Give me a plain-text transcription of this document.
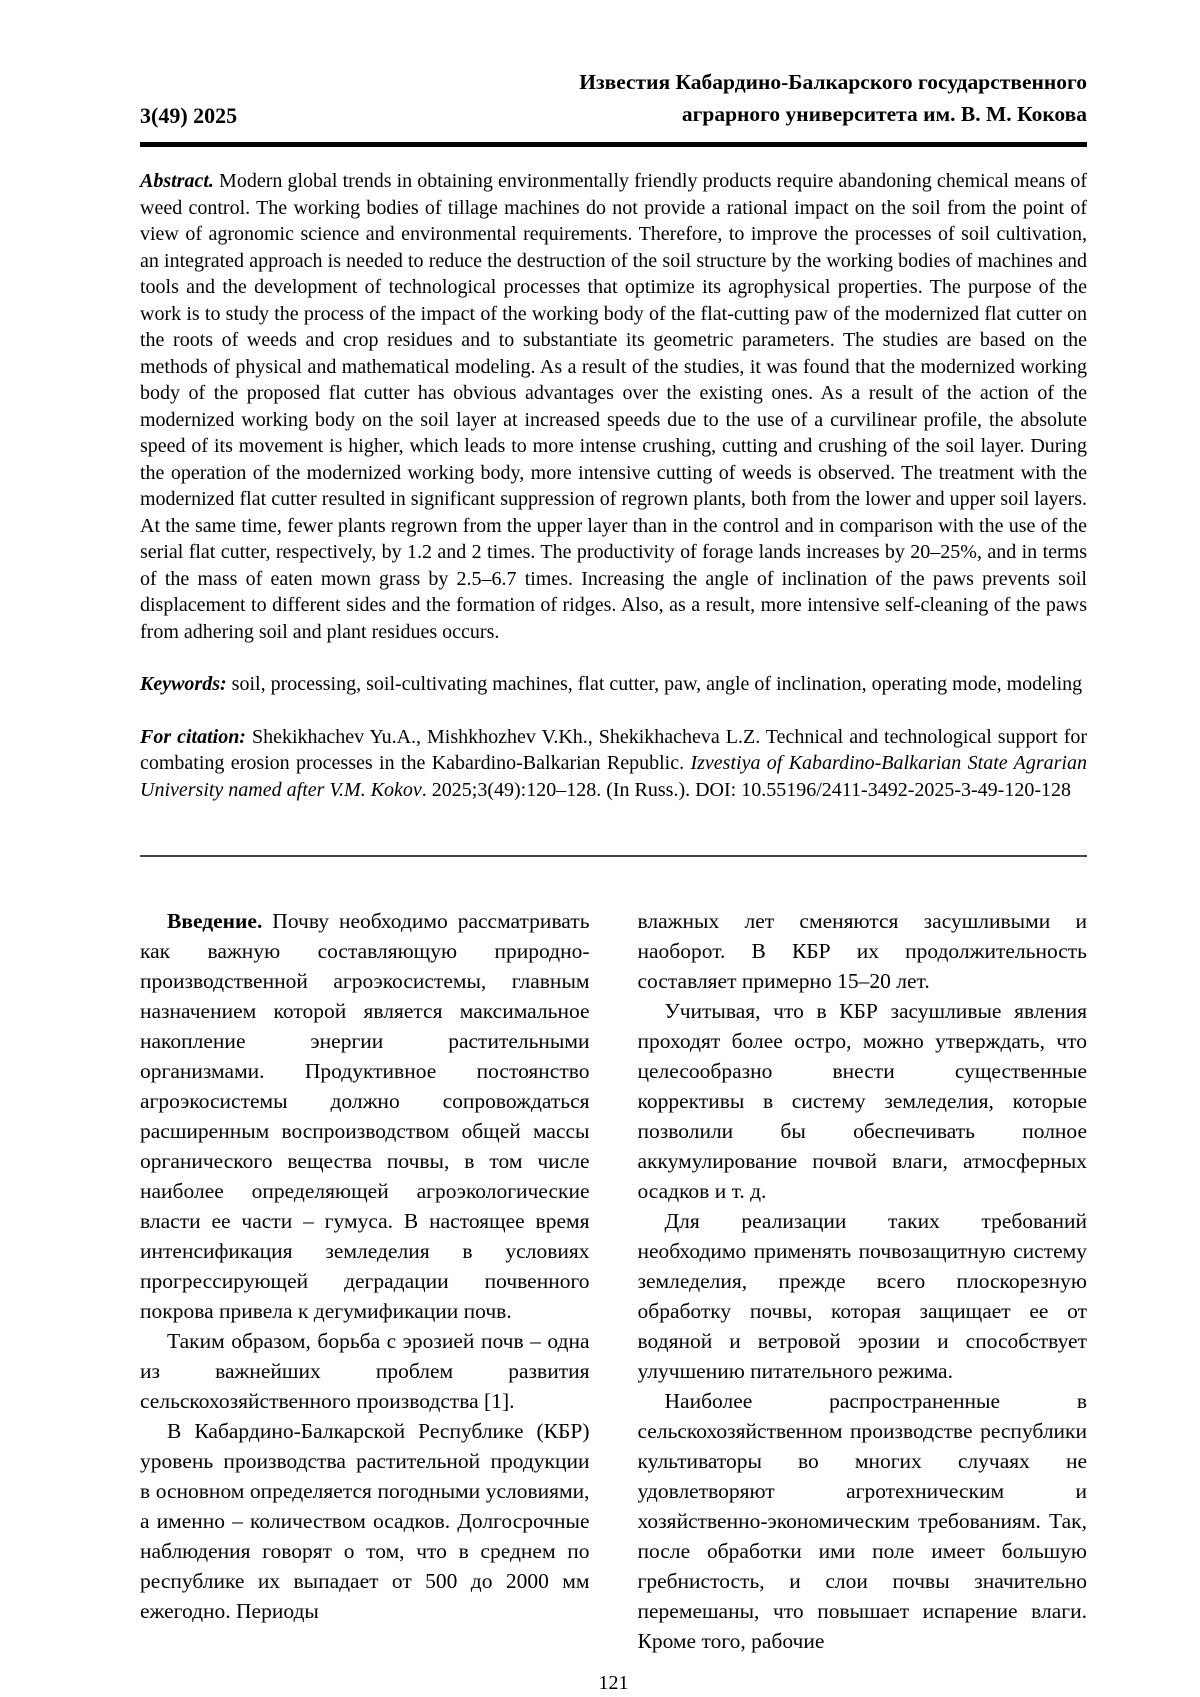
3(49) 2025
Известия Кабардино-Балкарского государственного
аграрного университета им. В. М. Кокова

Abstract. Modern global trends in obtaining environmentally friendly products require abandoning chemical means of weed control. The working bodies of tillage machines do not provide a rational impact on the soil from the point of view of agronomic science and environmental requirements. Therefore, to improve the processes of soil cultivation, an integrated approach is needed to reduce the destruction of the soil structure by the working bodies of machines and tools and the development of technological processes that optimize its agrophysical properties. The purpose of the work is to study the process of the impact of the working body of the flat-cutting paw of the modernized flat cutter on the roots of weeds and crop residues and to substantiate its geometric parameters. The studies are based on the methods of physical and mathematical modeling. As a result of the studies, it was found that the modernized working body of the proposed flat cutter has obvious advantages over the existing ones. As a result of the action of the modernized working body on the soil layer at increased speeds due to the use of a curvilinear profile, the absolute speed of its movement is higher, which leads to more intense crushing, cutting and crushing of the soil layer. During the operation of the modernized working body, more intensive cutting of weeds is observed. The treatment with the modernized flat cutter resulted in significant suppression of regrown plants, both from the lower and upper soil layers. At the same time, fewer plants regrown from the upper layer than in the control and in comparison with the use of the serial flat cutter, respectively, by 1.2 and 2 times. The productivity of forage lands increases by 20–25%, and in terms of the mass of eaten mown grass by 2.5–6.7 times. Increasing the angle of inclination of the paws prevents soil displacement to different sides and the formation of ridges. Also, as a result, more intensive self-cleaning of the paws from adhering soil and plant residues occurs.

Keywords: soil, processing, soil-cultivating machines, flat cutter, paw, angle of inclination, operating mode, modeling

For citation: Shekikhachev Yu.A., Mishkhozhev V.Kh., Shekikhacheva L.Z. Technical and technological support for combating erosion processes in the Kabardino-Balkarian Republic. Izvestiya of Kabardino-Balkarian State Agrarian University named after V.M. Kokov. 2025;3(49):120–128. (In Russ.). DOI: 10.55196/2411-3492-2025-3-49-120-128

Введение. Почву необходимо рассматривать как важную составляющую природно-производственной агроэкосистемы, главным назначением которой является максимальное накопление энергии растительными организмами. Продуктивное постоянство агроэкосистемы должно сопровождаться расширенным воспроизводством общей массы органического вещества почвы, в том числе наиболее определяющей агроэкологические власти ее части – гумуса. В настоящее время интенсификация земледелия в условиях прогрессирующей деградации почвенного покрова привела к дегумификации почв.

Таким образом, борьба с эрозией почв – одна из важнейших проблем развития сельскохозяйственного производства [1].

В Кабардино-Балкарской Республике (КБР) уровень производства растительной продукции в основном определяется погодными условиями, а именно – количеством осадков. Долгосрочные наблюдения говорят о том, что в среднем по республике их выпадает от 500 до 2000 мм ежегодно. Периоды

влажных лет сменяются засушливыми и наоборот. В КБР их продолжительность составляет примерно 15–20 лет.

Учитывая, что в КБР засушливые явления проходят более остро, можно утверждать, что целесообразно внести существенные коррективы в систему земледелия, которые позволили бы обеспечивать полное аккумулирование почвой влаги, атмосферных осадков и т. д.

Для реализации таких требований необходимо применять почвозащитную систему земледелия, прежде всего плоскорезную обработку почвы, которая защищает ее от водяной и ветровой эрозии и способствует улучшению питательного режима.

Наиболее распространенные в сельскохозяйственном производстве республики культиваторы во многих случаях не удовлетворяют агротехническим и хозяйственно-экономическим требованиям. Так, после обработки ими поле имеет большую гребнистость, и слои почвы значительно перемешаны, что повышает испарение влаги. Кроме того, рабочие

121
